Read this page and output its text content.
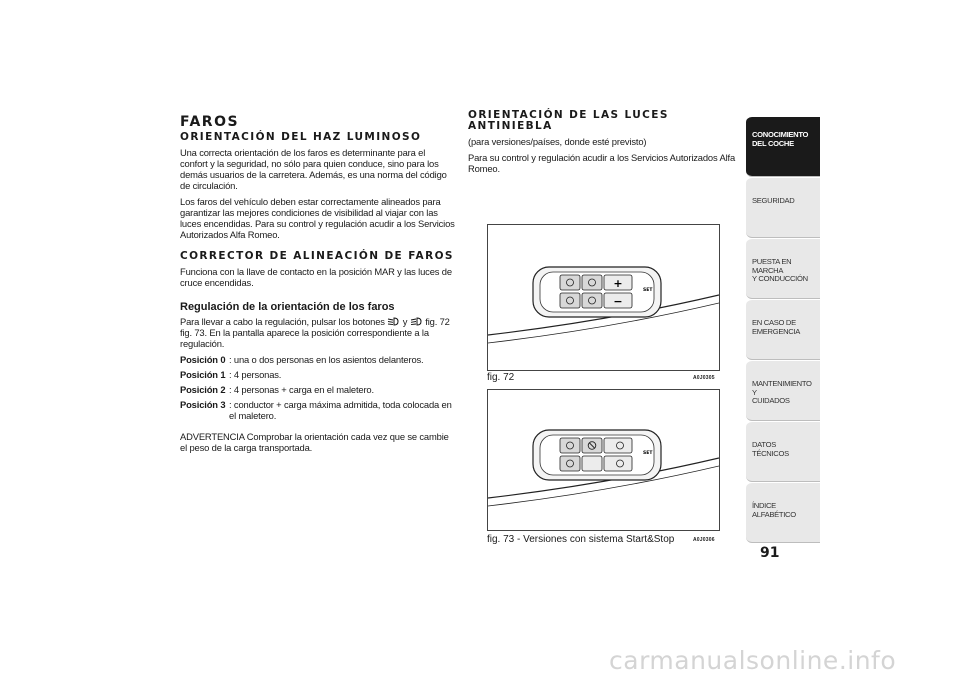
FAROS
ORIENTACIÓN DEL HAZ LUMINOSO

Una correcta orientación de los faros es determinante para el confort y la seguridad, no sólo para quien conduce, sino para los demás usuarios de la carretera. Además, es una norma del código de circulación.

Los faros del vehículo deben estar correctamente alineados para garantizar las mejores condiciones de visibilidad al viajar con las luces encendidas. Para su control y regulación acudir a los Servicios Autorizados Alfa Romeo.

CORRECTOR DE ALINEACIÓN DE FAROS

Funciona con la llave de contacto en la posición MAR y las luces de cruce encendidas.

Regulación de la orientación de los faros

Para llevar a cabo la regulación, pulsar los botones y fig. 72 fig. 73. En la pantalla aparece la posición correspondiente a la regulación.

Posición 0 : una o dos personas en los asientos delanteros.
Posición 1 : 4 personas.
Posición 2 : 4 personas + carga en el maletero.
Posición 3 : conductor + carga máxima admitida, toda colocada en el maletero.

ADVERTENCIA Comprobar la orientación cada vez que se cambie el peso de la carga transportada.

ORIENTACIÓN DE LAS LUCES
ANTINIEBLA

(para versiones/países, donde esté previsto)

Para su control y regulación acudir a los Servicios Autorizados Alfa Romeo.

+
−
SET
fig. 72	A0J0305
SET
fig. 73 - Versiones con sistema Start&Stop	A0J0306
CONOCIMIENTO
DEL COCHE
SEGURIDAD
PUESTA EN MARCHA
Y CONDUCCIÓN
EN CASO DE
EMERGENCIA
MANTENIMIENTO Y
CUIDADOS
DATOS TÉCNICOS
ÍNDICE ALFABÉTICO
91
carmanualsonline.info
